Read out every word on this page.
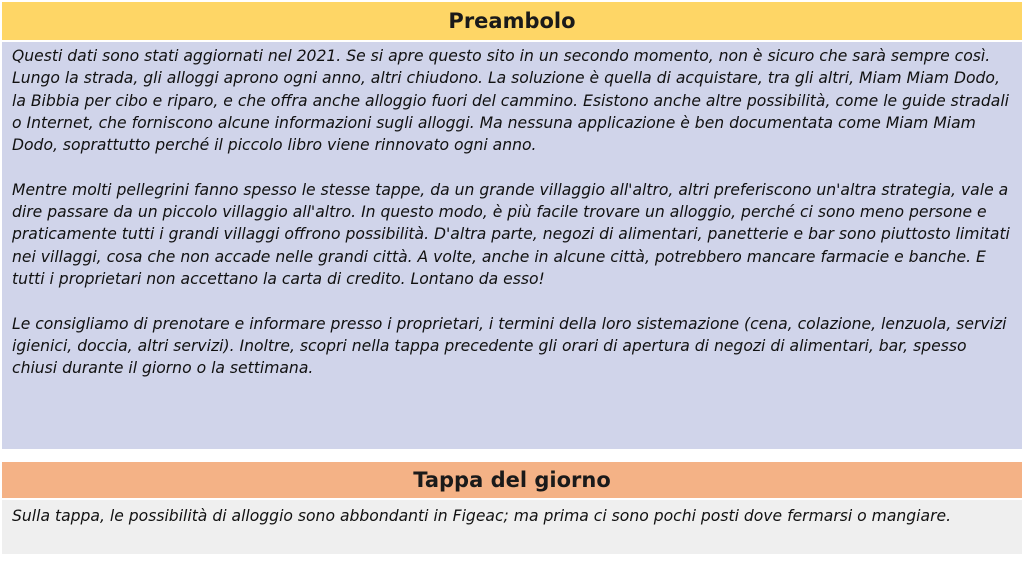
Preambolo

Questi dati sono stati aggiornati nel 2021. Se si apre questo sito in un secondo momento, non è sicuro che sarà sempre così. Lungo la strada, gli alloggi aprono ogni anno, altri chiudono. La soluzione è quella di acquistare, tra gli altri, Miam Miam Dodo, la Bibbia per cibo e riparo, e che offra anche alloggio fuori del cammino. Esistono anche altre possibilità, come le guide stradali o Internet, che forniscono alcune informazioni sugli alloggi. Ma nessuna applicazione è ben documentata come Miam Miam Dodo, soprattutto perché il piccolo libro viene rinnovato ogni anno.

Mentre molti pellegrini fanno spesso le stesse tappe, da un grande villaggio all'altro, altri preferiscono un'altra strategia, vale a dire passare da un piccolo villaggio all'altro. In questo modo, è più facile trovare un alloggio, perché ci sono meno persone e praticamente tutti i grandi villaggi offrono possibilità. D'altra parte, negozi di alimentari, panetterie e bar sono piuttosto limitati nei villaggi, cosa che non accade nelle grandi città. A volte, anche in alcune città, potrebbero mancare farmacie e banche. E tutti i proprietari non accettano la carta di credito. Lontano da esso!

Le consigliamo di prenotare e informare presso i proprietari, i termini della loro sistemazione (cena, colazione, lenzuola, servizi igienici, doccia, altri servizi). Inoltre, scopri nella tappa precedente gli orari di apertura di negozi di alimentari, bar, spesso chiusi durante il giorno o la settimana.

Tappa del giorno
Sulla tappa, le possibilità di alloggio sono abbondanti in Figeac; ma prima ci sono pochi posti dove fermarsi o mangiare.
